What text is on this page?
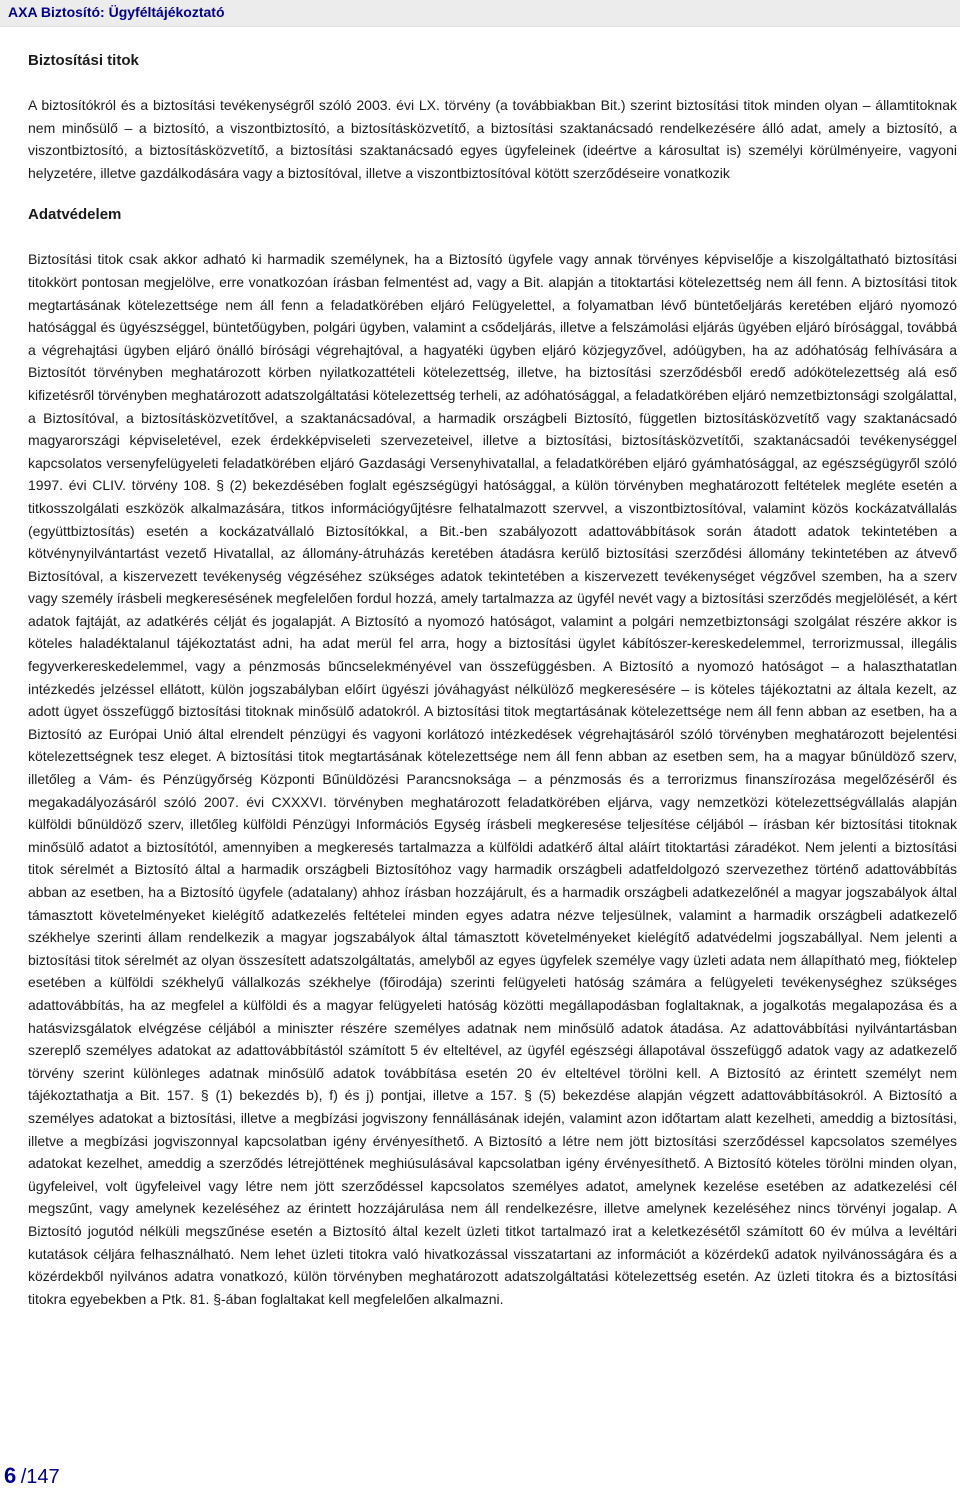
AXA Biztosító: Ügyféltájékoztató
Biztosítási titok

A biztosítókról és a biztosítási tevékenységről szóló 2003. évi LX. törvény (a továbbiakban Bit.) szerint biztosítási titok minden olyan – államtitoknak nem minősülő – a biztosító, a viszontbiztosító, a biztosításközvetítő, a biztosítási szaktanácsadó rendelkezésére álló adat, amely a biztosító, a viszontbiztosító, a biztosításközvetítő, a biztosítási szaktanácsadó egyes ügyfeleinek (ideértve a károsultat is) személyi körülményeire, vagyoni helyzetére, illetve gazdálkodására vagy a biztosítóval, illetve a viszontbiztosítóval kötött szerződéseire vonatkozik

Adatvédelem

Biztosítási titok csak akkor adható ki harmadik személynek, ha a Biztosító ügyfele vagy annak törvényes képviselője a kiszolgáltatható biztosítási titokkört pontosan megjelölve, erre vonatkozóan írásban felmentést ad, vagy a Bit. alapján a titoktartási kötelezettség nem áll fenn. A biztosítási titok megtartásának kötelezettsége nem áll fenn a feladatkörében eljáró Felügyelettel, a folyamatban lévő büntetőeljárás keretében eljáró nyomozó hatósággal és ügyészséggel, büntetőügyben, polgári ügyben, valamint a csődeljárás, illetve a felszámolási eljárás ügyében eljáró bírósággal, továbbá a végrehajtási ügyben eljáró önálló bírósági végrehajtóval, a hagyatéki ügyben eljáró közjegyzővel, adóügyben, ha az adóhatóság felhívására a Biztosítót törvényben meghatározott körben nyilatkozattételi kötelezettség, illetve, ha biztosítási szerződésből eredő adókötelezettség alá eső kifizetésről törvényben meghatározott adatszolgáltatási kötelezettség terheli, az adóhatósággal, a feladatkörében eljáró nemzetbiztonsági szolgálattal, a Biztosítóval, a biztosításközvetítővel, a szaktanácsadóval, a harmadik országbeli Biztosító, független biztosításközvetítő vagy szaktanácsadó magyarországi képviseletével, ezek érdekképviseleti szervezeteivel, illetve a biztosítási, biztosításközvetítői, szaktanácsadói tevékenységgel kapcsolatos versenyfelügyeleti feladatkörében eljáró Gazdasági Versenyhivatallal, a feladatkörében eljáró gyámhatósággal, az egészségügyről szóló 1997. évi CLIV. törvény 108. § (2) bekezdésében foglalt egészségügyi hatósággal, a külön törvényben meghatározott feltételek megléte esetén a titkosszolgálati eszközök alkalmazására, titkos információgyűjtésre felhatalmazott szervvel, a viszontbiztosítóval, valamint közös kockázatvállalás (együttbiztosítás) esetén a kockázatvállaló Biztosítókkal, a Bit.-ben szabályozott adattovábbítások során átadott adatok tekintetében a kötvénynyilvántartást vezető Hivatallal, az állomány-átruházás keretében átadásra kerülő biztosítási szerződési állomány tekintetében az átvevő Biztosítóval, a kiszervezett tevékenység végzéséhez szükséges adatok tekintetében a kiszervezett tevékenységet végzővel szemben, ha a szerv vagy személy írásbeli megkeresésének megfelelően fordul hozzá, amely tartalmazza az ügyfél nevét vagy a biztosítási szerződés megjelölését, a kért adatok fajtáját, az adatkérés célját és jogalapját. A Biztosító a nyomozó hatóságot, valamint a polgári nemzetbiztonsági szolgálat részére akkor is köteles haladéktalanul tájékoztatást adni, ha adat merül fel arra, hogy a biztosítási ügylet kábítószer-kereskedelemmel, terrorizmussal, illegális fegyverkereskedelemmel, vagy a pénzmosás bűncselekményével van összefüggésben. A Biztosító a nyomozó hatóságot – a halaszthatatlan intézkedés jelzéssel ellátott, külön jogszabályban előírt ügyészi jóváhagyást nélkülöző megkeresésére – is köteles tájékoztatni az általa kezelt, az adott ügyet összefüggő biztosítási titoknak minősülő adatokról. A biztosítási titok megtartásának kötelezettsége nem áll fenn abban az esetben, ha a Biztosító az Európai Unió által elrendelt pénzügyi és vagyoni korlátozó intézkedések végrehajtásáról szóló törvényben meghatározott bejelentési kötelezettségnek tesz eleget. A biztosítási titok megtartásának kötelezettsége nem áll fenn abban az esetben sem, ha a magyar bűnüldöző szerv, illetőleg a Vám- és Pénzügyőrség Központi Bűnüldözési Parancsnoksága – a pénzmosás és a terrorizmus finanszírozása megelőzéséről és megakadályozásáról szóló 2007. évi CXXXVI. törvényben meghatározott feladatkörében eljárva, vagy nemzetközi kötelezettségvállalás alapján külföldi bűnüldöző szerv, illetőleg külföldi Pénzügyi Információs Egység írásbeli megkeresése teljesítése céljából – írásban kér biztosítási titoknak minősülő adatot a biztosítótól, amennyiben a megkeresés tartalmazza a külföldi adatkérő által aláírt titoktartási záradékot. Nem jelenti a biztosítási titok sérelmét a Biztosító által a harmadik országbeli Biztosítóhoz vagy harmadik országbeli adatfeldolgozó szervezethez történő adattovábbítás abban az esetben, ha a Biztosító ügyfele (adatalany) ahhoz írásban hozzájárult, és a harmadik országbeli adatkezelőnél a magyar jogszabályok által támasztott követelményeket kielégítő adatkezelés feltételei minden egyes adatra nézve teljesülnek, valamint a harmadik országbeli adatkezelő székhelye szerinti állam rendelkezik a magyar jogszabályok által támasztott követelményeket kielégítő adatvédelmi jogszabállyal. Nem jelenti a biztosítási titok sérelmét az olyan összesített adatszolgáltatás, amelyből az egyes ügyfelek személye vagy üzleti adata nem állapítható meg, fióktelep esetében a külföldi székhelyű vállalkozás székhelye (főirodája) szerinti felügyeleti hatóság számára a felügyeleti tevékenységhez szükséges adattovábbítás, ha az megfelel a külföldi és a magyar felügyeleti hatóság közötti megállapodásban foglaltaknak, a jogalkotás megalapozása és a hatásvizsgálatok elvégzése céljából a miniszter részére személyes adatnak nem minősülő adatok átadása. Az adattovábbítási nyilvántartásban szereplő személyes adatokat az adattovábbítástól számított 5 év elteltével, az ügyfél egészségi állapotával összefüggő adatok vagy az adatkezelő törvény szerint különleges adatnak minősülő adatok továbbítása esetén 20 év elteltével törölni kell. A Biztosító az érintett személyt nem tájékoztathatja a Bit. 157. § (1) bekezdés b), f) és j) pontjai, illetve a 157. § (5) bekezdése alapján végzett adattovábbításokról. A Biztosító a személyes adatokat a biztosítási, illetve a megbízási jogviszony fennállásának idején, valamint azon időtartam alatt kezelheti, ameddig a biztosítási, illetve a megbízási jogviszonnyal kapcsolatban igény érvényesíthető. A Biztosító a létre nem jött biztosítási szerződéssel kapcsolatos személyes adatokat kezelhet, ameddig a szerződés létrejöttének meghiúsulásával kapcsolatban igény érvényesíthető. A Biztosító köteles törölni minden olyan, ügyfeleivel, volt ügyfeleivel vagy létre nem jött szerződéssel kapcsolatos személyes adatot, amelynek kezelése esetében az adatkezelési cél megszűnt, vagy amelynek kezeléséhez az érintett hozzájárulása nem áll rendelkezésre, illetve amelynek kezeléséhez nincs törvényi jogalap. A Biztosító jogutód nélküli megszűnése esetén a Biztosító által kezelt üzleti titkot tartalmazó irat a keletkezésétől számított 60 év múlva a levéltári kutatások céljára felhasználható. Nem lehet üzleti titokra való hivatkozással visszatartani az információt a közérdekű adatok nyilvánosságára és a közérdekből nyilvános adatra vonatkozó, külön törvényben meghatározott adatszolgáltatási kötelezettség esetén. Az üzleti titokra és a biztosítási titokra egyebekben a Ptk. 81. §-ában foglaltakat kell megfelelően alkalmazni.

6 /147
